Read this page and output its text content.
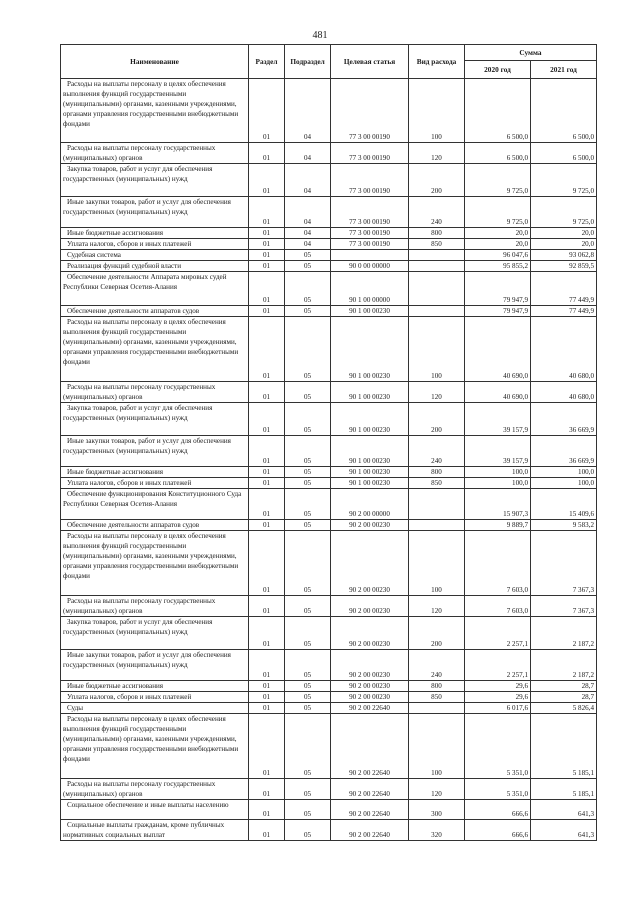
481
Наименование	Раздел	Подраздел	Целевая статья	Вид расхода	Сумма	
					2020 год	2021 год
Расходы на выплаты персоналу в целях обеспечения выполнения функций государственными (муниципальными) органами, казенными учреждениями, органами управления государственными внебюджетными фондами	01	04	77 3 00 00190	100	6 500,0	6 500,0
Расходы на выплаты персоналу государственных (муниципальных) органов	01	04	77 3 00 00190	120	6 500,0	6 500,0
Закупка товаров, работ и услуг для обеспечения государственных (муниципальных) нужд	01	04	77 3 00 00190	200	9 725,0	9 725,0
Иные закупки товаров, работ и услуг для обеспечения государственных (муниципальных) нужд	01	04	77 3 00 00190	240	9 725,0	9 725,0
Иные бюджетные ассигнования	01	04	77 3 00 00190	800	20,0	20,0
Уплата налогов, сборов и иных платежей	01	04	77 3 00 00190	850	20,0	20,0
Судебная система	01	05			96 047,6	93 062,8
Реализация функций судебной власти	01	05	90 0 00 00000		95 855,2	92 859,5
Обеспечение деятельности Аппарата мировых судей Республики Северная Осетия-Алания	01	05	90 1 00 00000		79 947,9	77 449,9
Обеспечение деятельности аппаратов судов	01	05	90 1 00 00230		79 947,9	77 449,9
Расходы на выплаты персоналу в целях обеспечения выполнения функций государственными (муниципальными) органами, казенными учреждениями, органами управления государственными внебюджетными фондами	01	05	90 1 00 00230	100	40 690,0	40 680,0
Расходы на выплаты персоналу государственных (муниципальных) органов	01	05	90 1 00 00230	120	40 690,0	40 680,0
Закупка товаров, работ и услуг для обеспечения государственных (муниципальных) нужд	01	05	90 1 00 00230	200	39 157,9	36 669,9
Иные закупки товаров, работ и услуг для обеспечения государственных (муниципальных) нужд	01	05	90 1 00 00230	240	39 157,9	36 669,9
Иные бюджетные ассигнования	01	05	90 1 00 00230	800	100,0	100,0
Уплата налогов, сборов и иных платежей	01	05	90 1 00 00230	850	100,0	100,0
Обеспечение функционирования Конституционного Суда Республики Северная Осетия-Алания	01	05	90 2 00 00000		15 907,3	15 409,6
Обеспечение деятельности аппаратов судов	01	05	90 2 00 00230		9 889,7	9 583,2
Расходы на выплаты персоналу в целях обеспечения выполнения функций государственными (муниципальными) органами, казенными учреждениями, органами управления государственными внебюджетными фондами	01	05	90 2 00 00230	100	7 603,0	7 367,3
Расходы на выплаты персоналу государственных (муниципальных) органов	01	05	90 2 00 00230	120	7 603,0	7 367,3
Закупка товаров, работ и услуг для обеспечения государственных (муниципальных) нужд	01	05	90 2 00 00230	200	2 257,1	2 187,2
Иные закупки товаров, работ и услуг для обеспечения государственных (муниципальных) нужд	01	05	90 2 00 00230	240	2 257,1	2 187,2
Иные бюджетные ассигнования	01	05	90 2 00 00230	800	29,6	28,7
Уплата налогов, сборов и иных платежей	01	05	90 2 00 00230	850	29,6	28,7
Суды	01	05	90 2 00 22640		6 017,6	5 826,4
Расходы на выплаты персоналу в целях обеспечения выполнения функций государственными (муниципальными) органами, казенными учреждениями, органами управления государственными внебюджетными фондами	01	05	90 2 00 22640	100	5 351,0	5 185,1
Расходы на выплаты персоналу государственных (муниципальных) органов	01	05	90 2 00 22640	120	5 351,0	5 185,1
Социальное обеспечение и иные выплаты населению	01	05	90 2 00 22640	300	666,6	641,3
Социальные выплаты гражданам, кроме публичных нормативных социальных выплат	01	05	90 2 00 22640	320	666,6	641,3
